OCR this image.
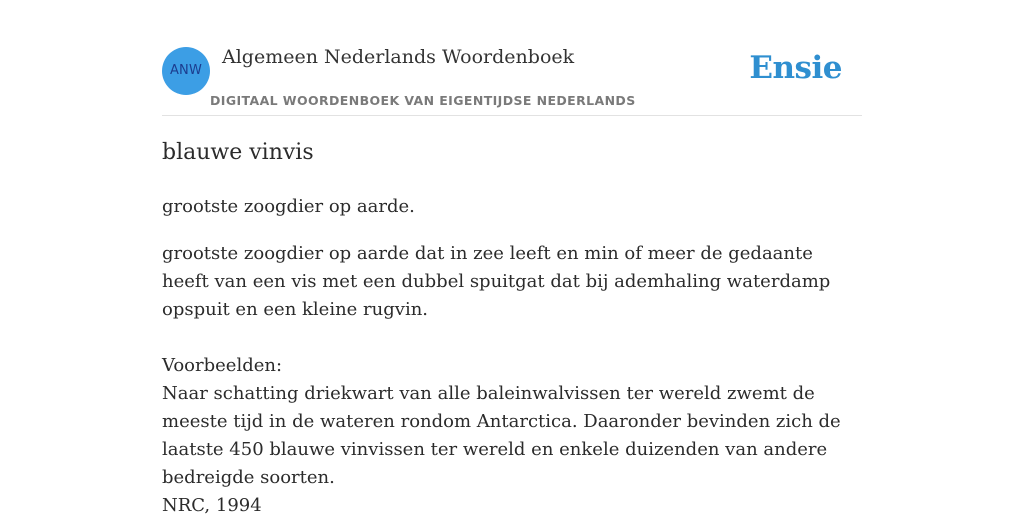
ANW
Algemeen Nederlands Woordenboek
DIGITAAL WOORDENBOEK VAN EIGENTIJDSE NEDERLANDS
Ensie
blauwe vinvis
grootste zoogdier op aarde.

grootste zoogdier op aarde dat in zee leeft en min of meer de gedaante heeft van een vis met een dubbel spuitgat dat bij ademhaling waterdamp opspuit en een kleine rugvin.

Voorbeelden:

Naar schatting driekwart van alle baleinwalvissen ter wereld zwemt de meeste tijd in de wateren rondom Antarctica. Daaronder bevinden zich de laatste 450 blauwe vinvissen ter wereld en enkele duizenden van andere bedreigde soorten.

NRC, 1994
